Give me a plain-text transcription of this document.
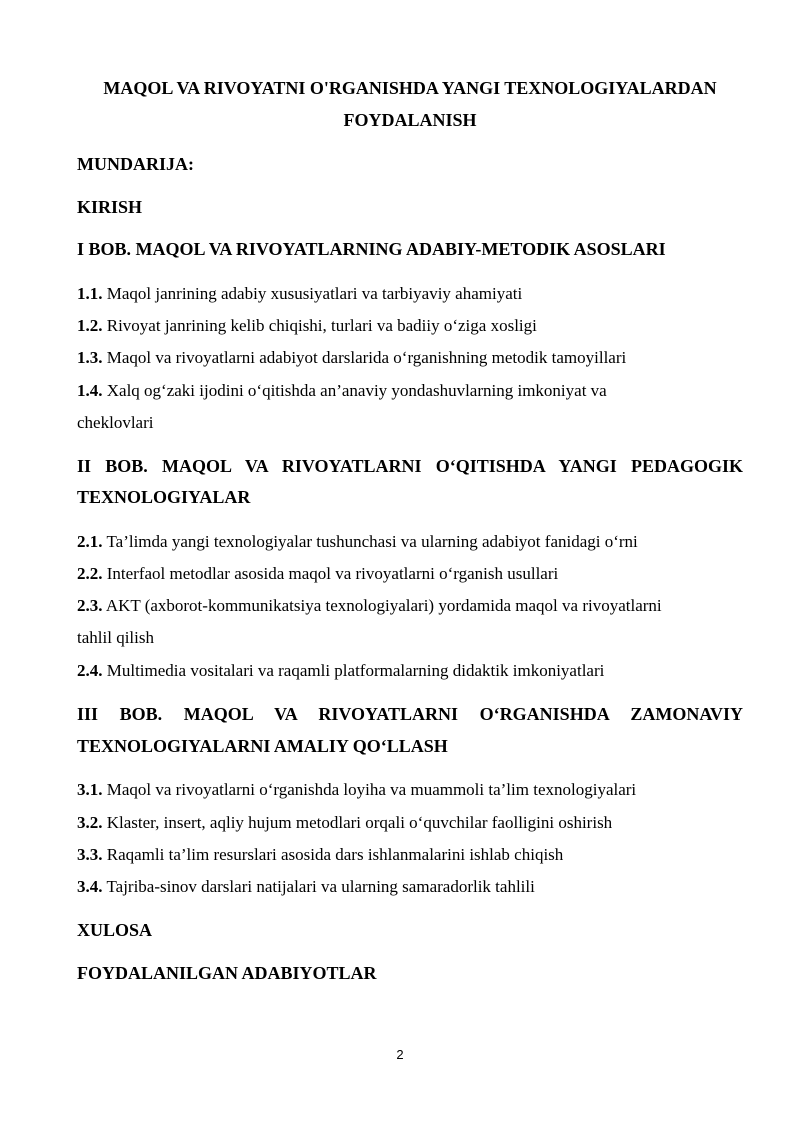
MAQOL VA RIVOYATNI O'RGANISHDA YANGI TEXNOLOGIYALARDAN
FOYDALANISH
MUNDARIJA:
KIRISH
I BOB. MAQOL VA RIVOYATLARNING ADABIY-METODIK ASOSLARI
1.1. Maqol janrining adabiy xususiyatlari va tarbiyaviy ahamiyati
1.2. Rivoyat janrining kelib chiqishi, turlari va badiiy o‘ziga xosligi
1.3. Maqol va rivoyatlarni adabiyot darslarida o‘rganishning metodik tamoyillari
1.4. Xalq og‘zaki ijodini o‘qitishda an’anaviy yondashuvlarning imkoniyat va
cheklovlari
II BOB. MAQOL VA RIVOYATLARNI O‘QITISHDA YANGI PEDAGOGIK
TEXNOLOGIYALAR
2.1. Ta’limda yangi texnologiyalar tushunchasi va ularning adabiyot fanidagi o‘rni
2.2. Interfaol metodlar asosida maqol va rivoyatlarni o‘rganish usullari
2.3. AKT (axborot-kommunikatsiya texnologiyalari) yordamida maqol va rivoyatlarni
tahlil qilish
2.4. Multimedia vositalari va raqamli platformalarning didaktik imkoniyatlari
III BOB. MAQOL VA RIVOYATLARNI O‘RGANISHDA ZAMONAVIY
TEXNOLOGIYALARNI AMALIY QO‘LLASH
3.1. Maqol va rivoyatlarni o‘rganishda loyiha va muammoli ta’lim texnologiyalari
3.2. Klaster, insert, aqliy hujum metodlari orqali o‘quvchilar faolligini oshirish
3.3. Raqamli ta’lim resurslari asosida dars ishlanmalarini ishlab chiqish
3.4. Tajriba-sinov darslari natijalari va ularning samaradorlik tahlili
XULOSA
FOYDALANILGAN ADABIYOTLAR
2
